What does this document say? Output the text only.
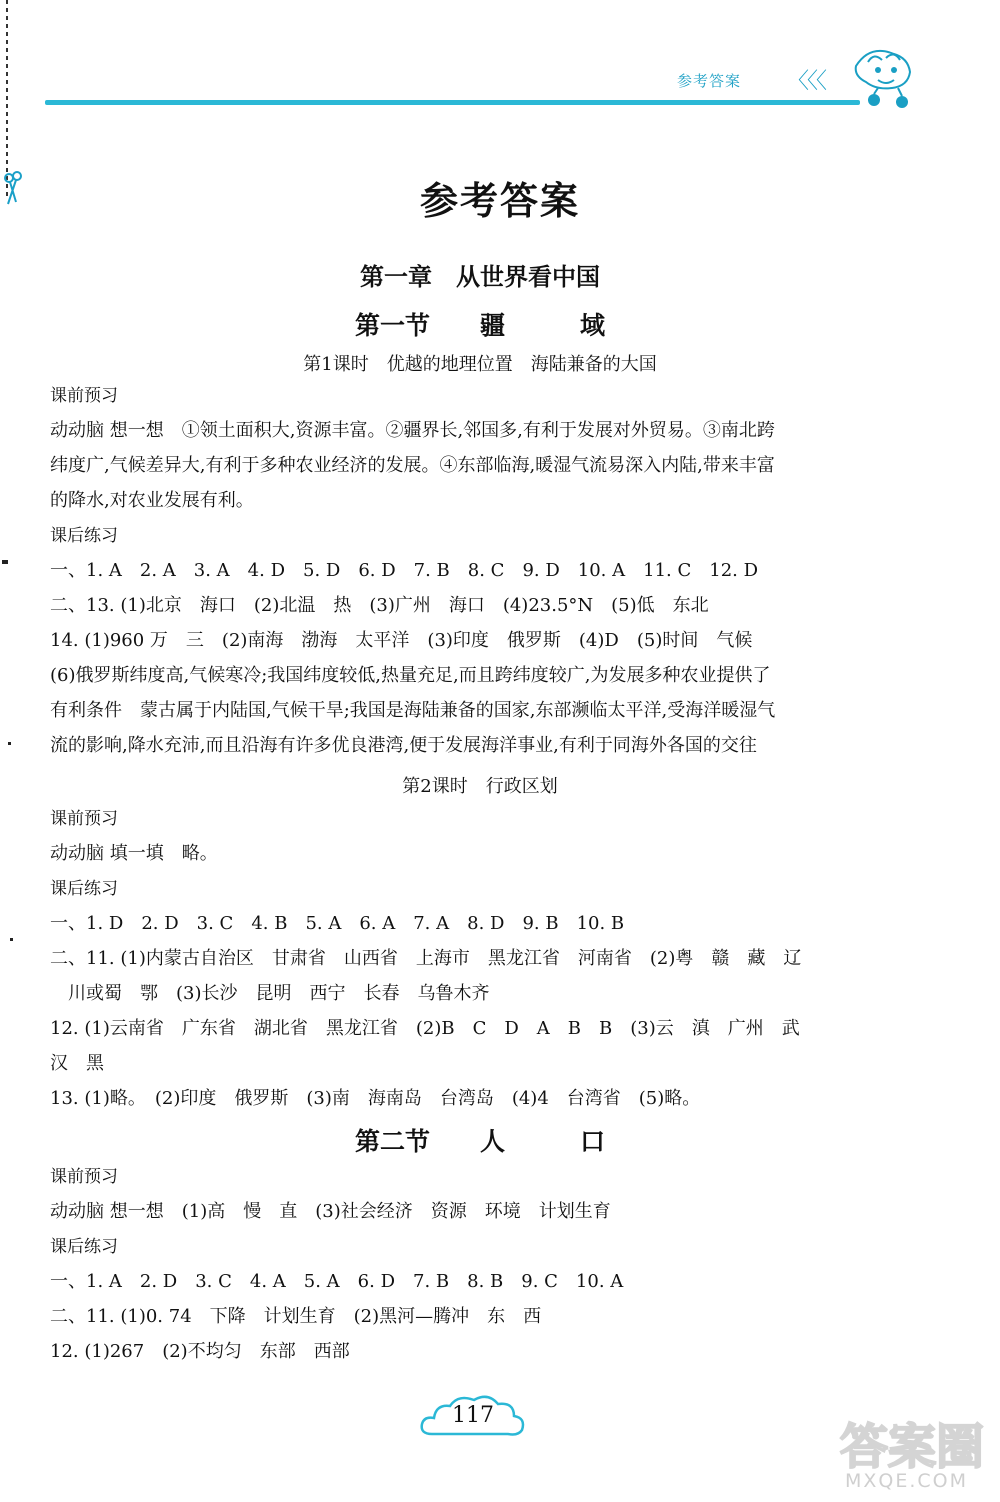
参考答案 〈〈〈
参考答案
第一章　从世界看中国
第一节　　疆　　　域
第1课时　优越的地理位置　海陆兼备的大国
课前预习
动动脑 想一想　①领土面积大,资源丰富。②疆界长,邻国多,有利于发展对外贸易。③南北跨
纬度广,气候差异大,有利于多种农业经济的发展。④东部临海,暖湿气流易深入内陆,带来丰富
的降水,对农业发展有利。
课后练习
一、1. A　2. A　3. A　4. D　5. D　6. D　7. B　8. C　9. D　10. A　11. C　12. D
二、13. (1)北京　海口　(2)北温　热　(3)广州　海口　(4)23.5°N　(5)低　东北
14. (1)960 万　三　(2)南海　渤海　太平洋　(3)印度　俄罗斯　(4)D　(5)时间　气候
(6)俄罗斯纬度高,气候寒冷;我国纬度较低,热量充足,而且跨纬度较广,为发展多种农业提供了
有利条件　蒙古属于内陆国,气候干旱;我国是海陆兼备的国家,东部濒临太平洋,受海洋暖湿气
流的影响,降水充沛,而且沿海有许多优良港湾,便于发展海洋事业,有利于同海外各国的交往
第2课时　行政区划
课前预习
动动脑 填一填　略。
课后练习
一、1. D　2. D　3. C　4. B　5. A　6. A　7. A　8. D　9. B　10. B
二、11. (1)内蒙古自治区　甘肃省　山西省　上海市　黑龙江省　河南省　(2)粤　赣　藏　辽
　川或蜀　鄂　(3)长沙　昆明　西宁　长春　乌鲁木齐
12. (1)云南省　广东省　湖北省　黑龙江省　(2)B　C　D　A　B　B　(3)云　滇　广州　武
汉　黑
13. (1)略。　(2)印度　俄罗斯　(3)南　海南岛　台湾岛　(4)4　台湾省　(5)略。
第二节　　人　　　口
课前预习
动动脑 想一想　(1)高　慢　直　(3)社会经济　资源　环境　计划生育
课后练习
一、1. A　2. D　3. C　4. A　5. A　6. D　7. B　8. B　9. C　10. A
二、11. (1)0. 74　下降　计划生育　(2)黑河—腾冲　东　西
12. (1)267　(2)不均匀　东部　西部
117
答案圈
MXQE.COM
